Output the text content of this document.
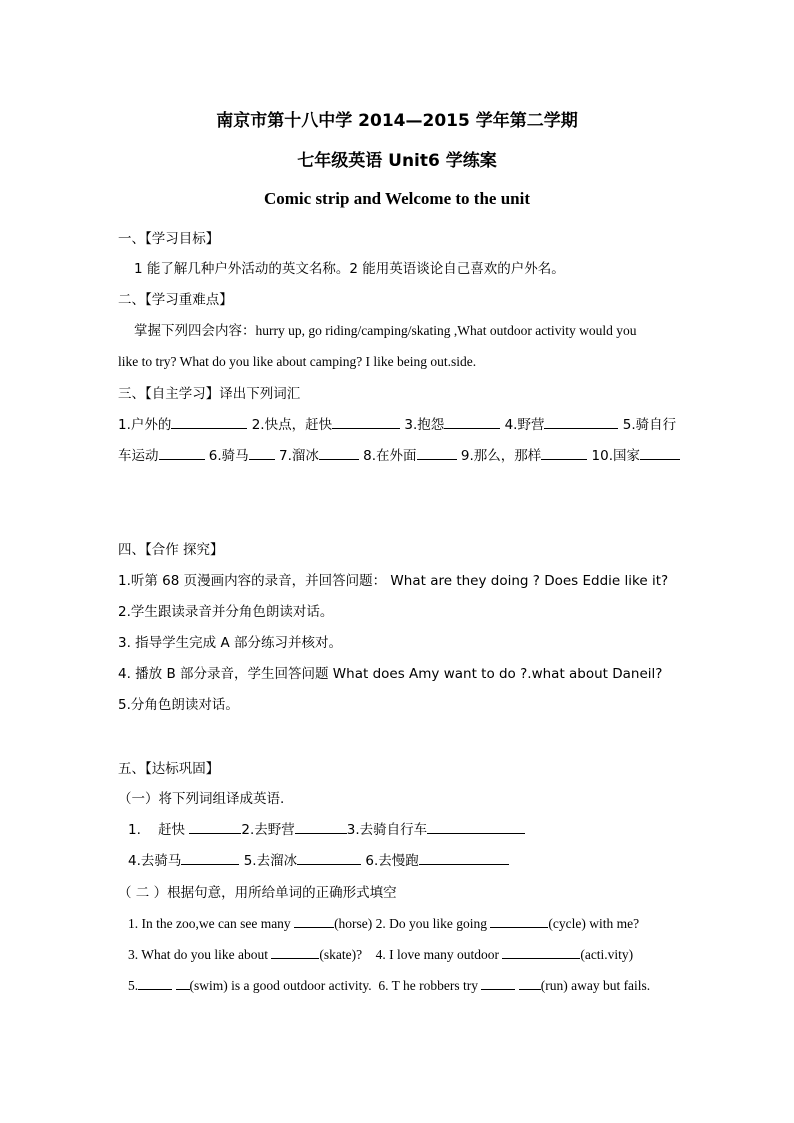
南京市第十八中学 2014—2015 学年第二学期
七年级英语 Unit6 学练案
Comic strip and Welcome to the unit
一、【学习目标】
1 能了解几种户外活动的英文名称。2 能用英语谈论自己喜欢的户外名。
二、【学习重难点】
掌握下列四会内容：hurry up, go riding/camping/skating ,What outdoor activity would you
like to try? What do you like about camping? I like being out.side.
三、【自主学习】译出下列词汇
1.户外的	2.快点，赶快	3.抱怨	4.野营	5.骑自行
车运动	6.骑马 7.溜冰	8.在外面	9.那么，那样	10.国家
四、【合作 探究】
1.听第 68 页漫画内容的录音，并回答问题： What are they doing ? Does Eddie like it?
2.学生跟读录音并分角色朗读对话。
3. 指导学生完成 A 部分练习并核对。
4. 播放 B 部分录音，学生回答问题 What does Amy want to do ?.what about Daneil?
5.分角色朗读对话。
五、【达标巩固】
（一）将下列词组译成英语.
1. 赶快	2.去野营	3.去骑自行车
4.去骑马	5.去溜冰	6.去慢跑
（ 二 ）根据句意，用所给单词的正确形式填空
1. In the zoo,we can see many	(horse) 2. Do you like going	(cycle) with me?
3. What do you like about	(skate)? 4. I love many outdoor	(acti.vity)
5.	(swim) is a good outdoor activity. 6. T he robbers try	(run) away but fails.
